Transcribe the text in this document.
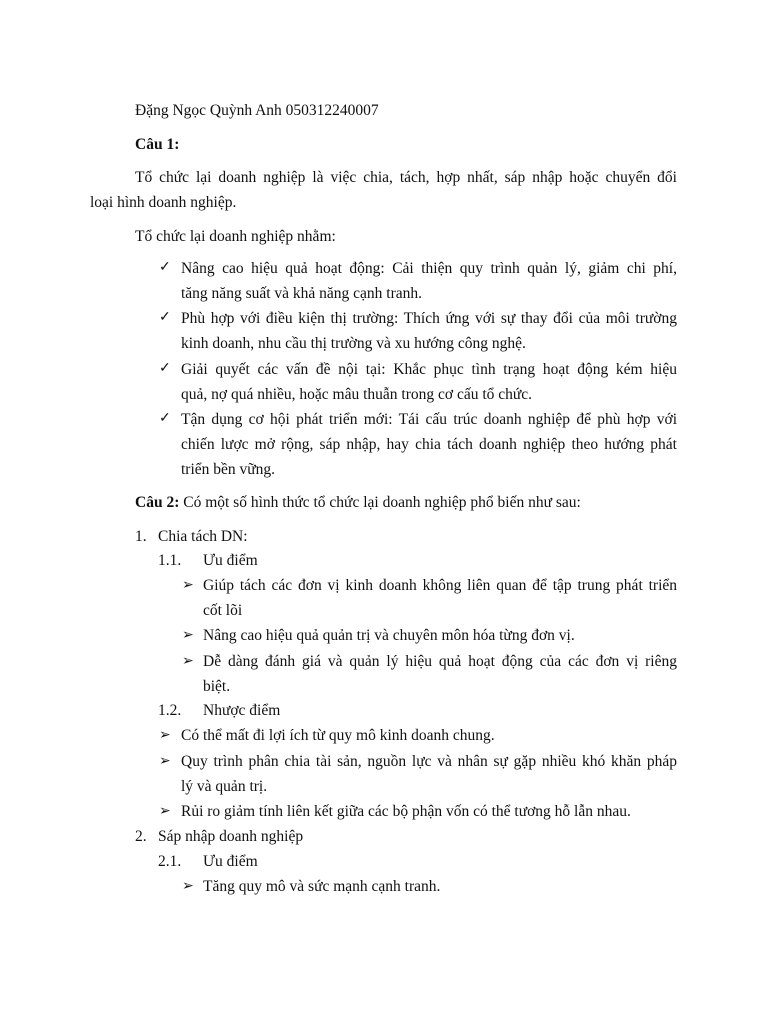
Đặng Ngọc Quỳnh Anh 050312240007
Câu 1:
Tổ chức lại doanh nghiệp là việc chia, tách, hợp nhất, sáp nhập hoặc chuyển đổi
loại hình doanh nghiệp.
Tổ chức lại doanh nghiệp nhằm:
✓ Nâng cao hiệu quả hoạt động: Cải thiện quy trình quản lý, giảm chi phí,
tăng năng suất và khả năng cạnh tranh.
✓ Phù hợp với điều kiện thị trường: Thích ứng với sự thay đổi của môi trường
kinh doanh, nhu cầu thị trường và xu hướng công nghệ.
✓ Giải quyết các vấn đề nội tại: Khắc phục tình trạng hoạt động kém hiệu
quả, nợ quá nhiều, hoặc mâu thuẫn trong cơ cấu tổ chức.
✓ Tận dụng cơ hội phát triển mới: Tái cấu trúc doanh nghiệp để phù hợp với
chiến lược mở rộng, sáp nhập, hay chia tách doanh nghiệp theo hướng phát
triển bền vững.
Câu 2: Có một số hình thức tổ chức lại doanh nghiệp phổ biến như sau:
1. Chia tách DN:
1.1. Ưu điểm
➢ Giúp tách các đơn vị kinh doanh không liên quan để tập trung phát triển
cốt lõi
➢ Nâng cao hiệu quả quản trị và chuyên môn hóa từng đơn vị.
➢ Dễ dàng đánh giá và quản lý hiệu quả hoạt động của các đơn vị riêng
biệt.
1.2. Nhược điểm
➢ Có thể mất đi lợi ích từ quy mô kinh doanh chung.
➢ Quy trình phân chia tài sản, nguồn lực và nhân sự gặp nhiều khó khăn pháp
lý và quản trị.
➢ Rủi ro giảm tính liên kết giữa các bộ phận vốn có thể tương hỗ lẫn nhau.
2. Sáp nhập doanh nghiệp
2.1. Ưu điểm
➢ Tăng quy mô và sức mạnh cạnh tranh.
